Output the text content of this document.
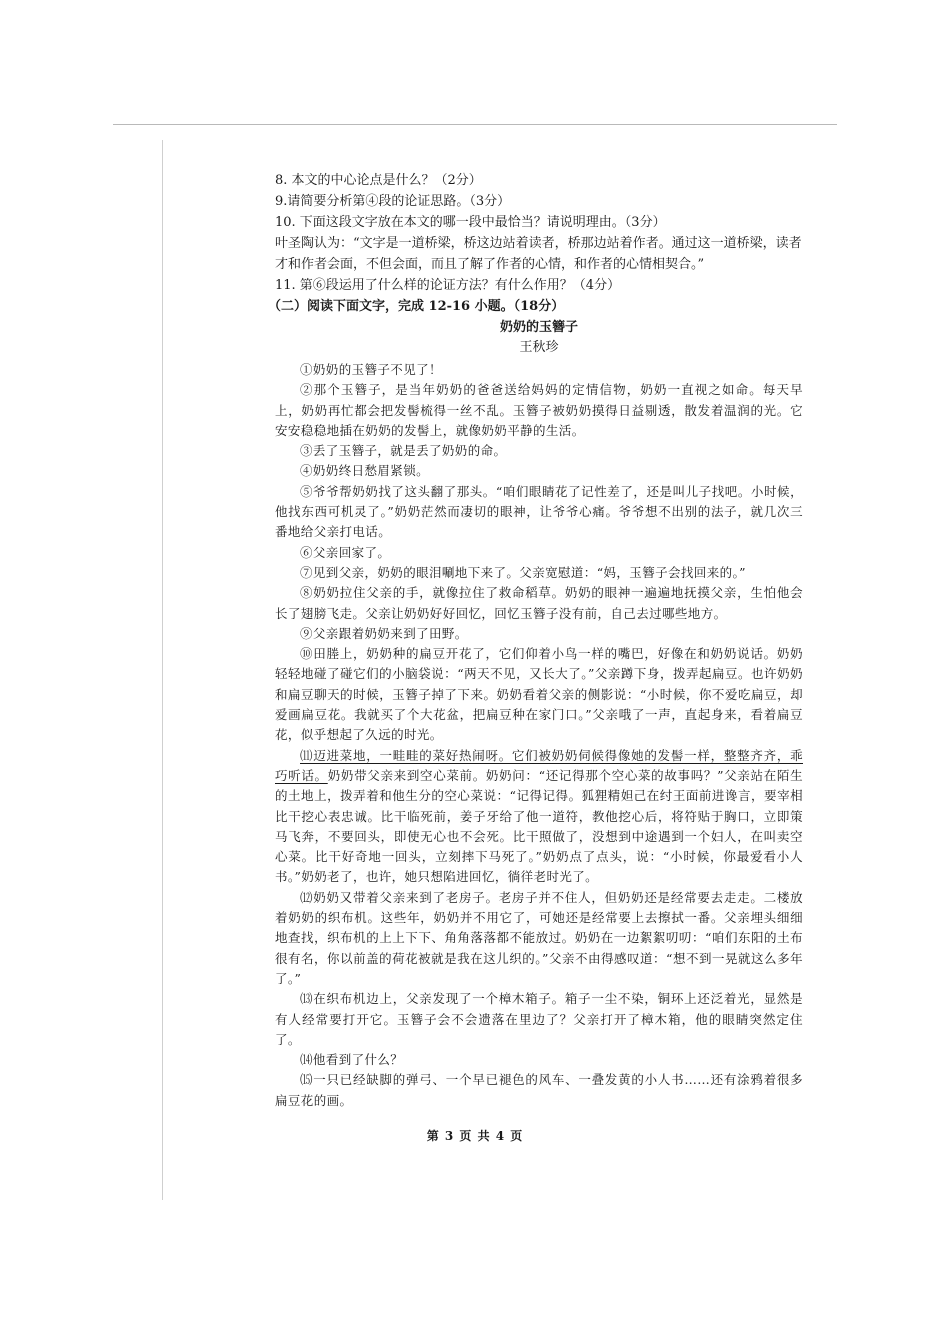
8. 本文的中心论点是什么？（2分）

9.请简要分析第④段的论证思路。（3分）

10. 下面这段文字放在本文的哪一段中最恰当？请说明理由。（3分）

叶圣陶认为：“文字是一道桥梁，桥这边站着读者，桥那边站着作者。通过这一道桥梁，读者才和作者会面，不但会面，而且了解了作者的心情，和作者的心情相契合。”

11. 第⑥段运用了什么样的论证方法？有什么作用？（4分）

（二）阅读下面文字，完成 12-16 小题。（18分）

奶奶的玉簪子

王秋珍

①奶奶的玉簪子不见了！

②那个玉簪子，是当年奶奶的爸爸送给妈妈的定情信物，奶奶一直视之如命。每天早上，奶奶再忙都会把发髻梳得一丝不乱。玉簪子被奶奶摸得日益剔透，散发着温润的光。它安安稳稳地插在奶奶的发髻上，就像奶奶平静的生活。

③丢了玉簪子，就是丢了奶奶的命。

④奶奶终日愁眉紧锁。

⑤爷爷帮奶奶找了这头翻了那头。“咱们眼睛花了记性差了，还是叫儿子找吧。小时候，他找东西可机灵了。”奶奶茫然而凄切的眼神，让爷爷心痛。爷爷想不出别的法子，就几次三番地给父亲打电话。

⑥父亲回家了。

⑦见到父亲，奶奶的眼泪唰地下来了。父亲宽慰道：“妈，玉簪子会找回来的。”

⑧奶奶拉住父亲的手，就像拉住了救命稻草。奶奶的眼神一遍遍地抚摸父亲，生怕他会长了翅膀飞走。父亲让奶奶好好回忆，回忆玉簪子没有前，自己去过哪些地方。

⑨父亲跟着奶奶来到了田野。

⑩田塍上，奶奶种的扁豆开花了，它们仰着小鸟一样的嘴巴，好像在和奶奶说话。奶奶轻轻地碰了碰它们的小脑袋说：“两天不见，又长大了。”父亲蹲下身，拨弄起扁豆。也许奶奶和扁豆聊天的时候，玉簪子掉了下来。奶奶看着父亲的侧影说：“小时候，你不爱吃扁豆，却爱画扁豆花。我就买了个大花盆，把扁豆种在家门口。”父亲哦了一声，直起身来，看着扁豆花，似乎想起了久远的时光。

⑾迈进菜地，一畦畦的菜好热闹呀。它们被奶奶伺候得像她的发髻一样，整整齐齐，乖巧听话。奶奶带父亲来到空心菜前。奶奶问：“还记得那个空心菜的故事吗？”父亲站在陌生的土地上，拨弄着和他生分的空心菜说：“记得记得。狐狸精妲己在纣王面前进谗言，要宰相比干挖心表忠诚。比干临死前，姜子牙给了他一道符，教他挖心后，将符贴于胸口，立即策马飞奔，不要回头，即使无心也不会死。比干照做了，没想到中途遇到一个妇人，在叫卖空心菜。比干好奇地一回头，立刻摔下马死了。”奶奶点了点头，说：“小时候，你最爱看小人书。”奶奶老了，也许，她只想陷进回忆，徜徉老时光了。

⑿奶奶又带着父亲来到了老房子。老房子并不住人，但奶奶还是经常要去走走。二楼放着奶奶的织布机。这些年，奶奶并不用它了，可她还是经常要上去擦拭一番。父亲埋头细细地查找，织布机的上上下下、角角落落都不能放过。奶奶在一边絮絮叨叨：“咱们东阳的土布很有名，你以前盖的荷花被就是我在这儿织的。”父亲不由得感叹道：“想不到一晃就这么多年了。”

⒀在织布机边上，父亲发现了一个樟木箱子。箱子一尘不染，铜环上还泛着光，显然是有人经常要打开它。玉簪子会不会遗落在里边了？父亲打开了樟木箱，他的眼睛突然定住了。

⒁他看到了什么？

⒂一只已经缺脚的弹弓、一个早已褪色的风车、一叠发黄的小人书……还有涂鸦着很多扁豆花的画。

第 3 页 共 4 页
